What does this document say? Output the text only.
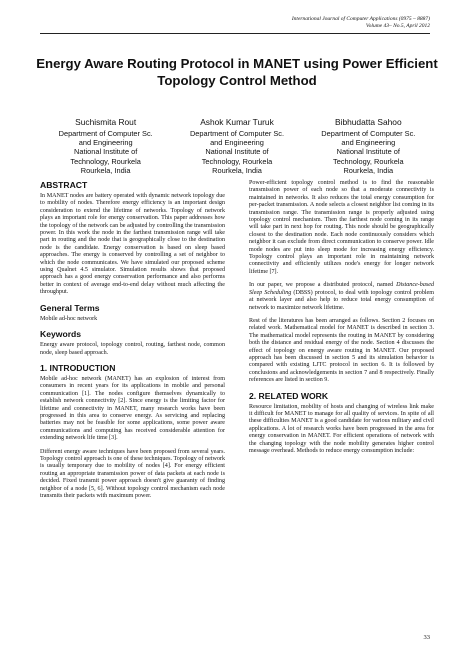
International Journal of Computer Applications (0975 – 8887)
Volume 43– No.5, April 2012
Energy Aware Routing Protocol in MANET using Power Efficient Topology Control Method
Suchismita Rout
Department of Computer Sc.
and Engineering
National Institute of
Technology, Rourkela
Rourkela, India
Ashok Kumar Turuk
Department of Computer Sc.
and Engineering
National Institute of
Technology, Rourkela
Rourkela, India
Bibhudatta Sahoo
Department of Computer Sc.
and Engineering
National Institute of
Technology, Rourkela
Rourkela, India
ABSTRACT

In MANET nodes are battery operated with dynamic network topology due to mobility of nodes. Therefore energy efficiency is an important design consideration to extend the lifetime of networks. Topology of network plays an important role for energy conservation. This paper addresses how the topology of the network can be adjusted by controlling the transmission power. In this work the node in the farthest transmission range will take part in routing and the node that is geographically close to the destination node is the candidate. Energy conservation is based on sleep based approaches. The energy is conserved by controlling a set of neighbor to which the node communicates. We have simulated our proposed scheme using Qualnet 4.5 simulator. Simulation results shows that proposed approach has a good energy conservation performance and also performs better in context of average end-to-end delay without much affecting the throughput.

General Terms

Mobile ad-hoc network

Keywords

Energy aware protocol, topology control, routing, farthest node, common node, sleep based approach.

1. INTRODUCTION

Mobile ad-hoc network (MANET) has an explosion of interest from consumers in recent years for its applications in mobile and personal communication [1]. The nodes configure themselves dynamically to establish network connectivity [2]. Since energy is the limiting factor for lifetime and connectivity in MANET, many research works have been progressed in this area to conserve energy. As servicing and replacing batteries may not be feasible for some applications, some power aware communications and computing has received considerable attention for extending network life time [3].

Different energy aware techniques have been proposed from several years. Topology control approach is one of these techniques. Topology of network is usually temporary due to mobility of nodes [4]. For energy efficient routing an appropriate transmission power of data packets at each node is decided. Fixed transmit power approach doesn't give guaranty of finding neighbor of a node [5, 6]. Without topology control mechanism each node transmits their packets with maximum power.

Power-efficient topology control method is to find the reasonable transmission power of each node so that a moderate connectivity is maintained in networks. It also reduces the total energy consumption for per-packet transmission. A node selects a closest neighbor list coming in its transmission range. The transmission range is properly adjusted using topology control mechanism. Then the farthest node coming in its range will take part in next hop for routing. This node should be geographically closest to the destination node. Each node continuously considers which neighbor it can exclude from direct communication to conserve power. Idle mode nodes are put into sleep mode for increasing energy efficiency. Topology control plays an important role in maintaining network connectivity and efficiently utilizes node's energy for longer network lifetime [7].

In our paper, we propose a distributed protocol, named Distance-based Sleep Scheduling (DBSS) protocol, to deal with topology control problem at network layer and also help to reduce total energy consumption of network to maximize network lifetime.

Rest of the literatures has been arranged as follows. Section 2 focuses on related work. Mathematical model for MANET is described in section 3. The mathematical model represents the routing in MANET by considering both the distance and residual energy of the node. Section 4 discusses the effect of topology on energy aware routing in MANET. Our proposed approach has been discussed in section 5 and its simulation behavior is compared with existing LJTC protocol in section 6. It is followed by conclusions and acknowledgements in section 7 and 8 respectively. Finally references are listed in section 9.

2. RELATED WORK

Resource limitation, mobility of hosts and changing of wireless link make it difficult for MANET to manage for all quality of services. In spite of all these difficulties MANET is a good candidate for various military and civil applications. A lot of research works have been progressed in the area for energy conservation in MANET. For efficient operations of network with the changing topology with the node mobility generates higher control message overhead. Methods to reduce energy consumption include:

33
